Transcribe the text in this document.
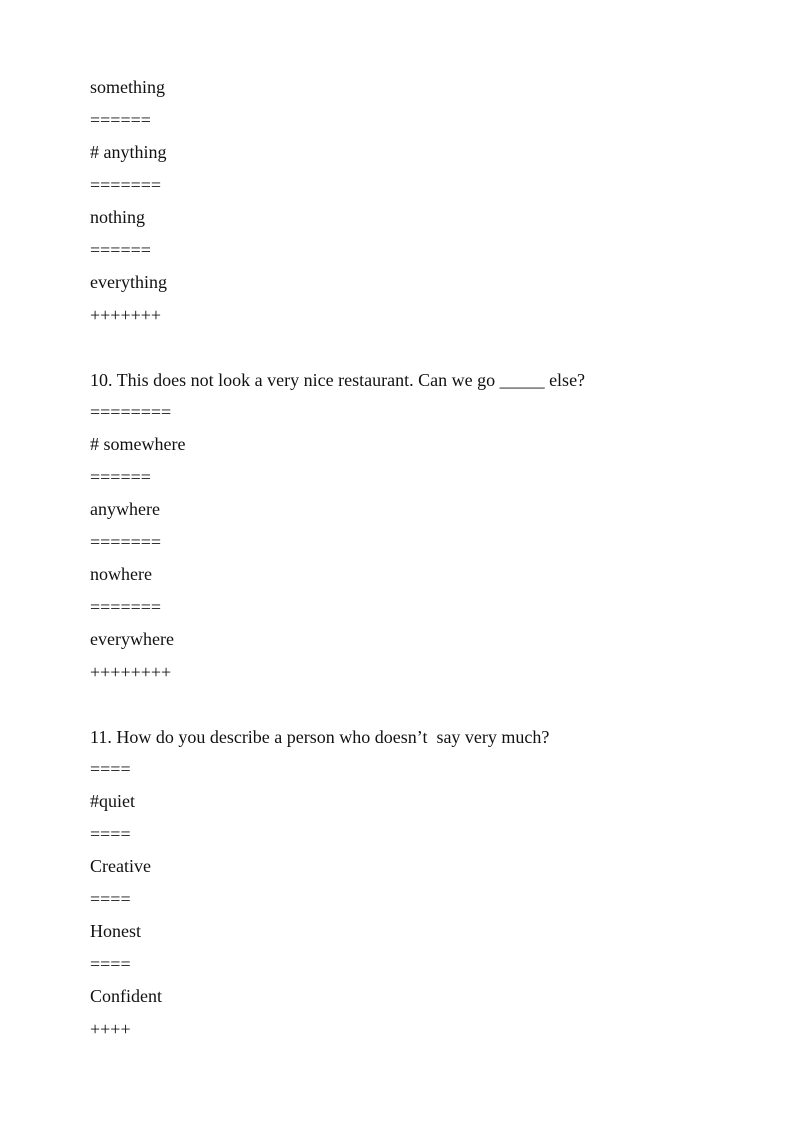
something

======

# anything

=======

nothing

======

everything

+++++++

10. This does not look a very nice restaurant. Can we go _____ else?

========

# somewhere

======

anywhere

=======

nowhere

=======

everywhere

++++++++

11. How do you describe a person who doesn’t  say very much?

====

#quiet

====

Creative

====

Honest

====

Confident

++++
